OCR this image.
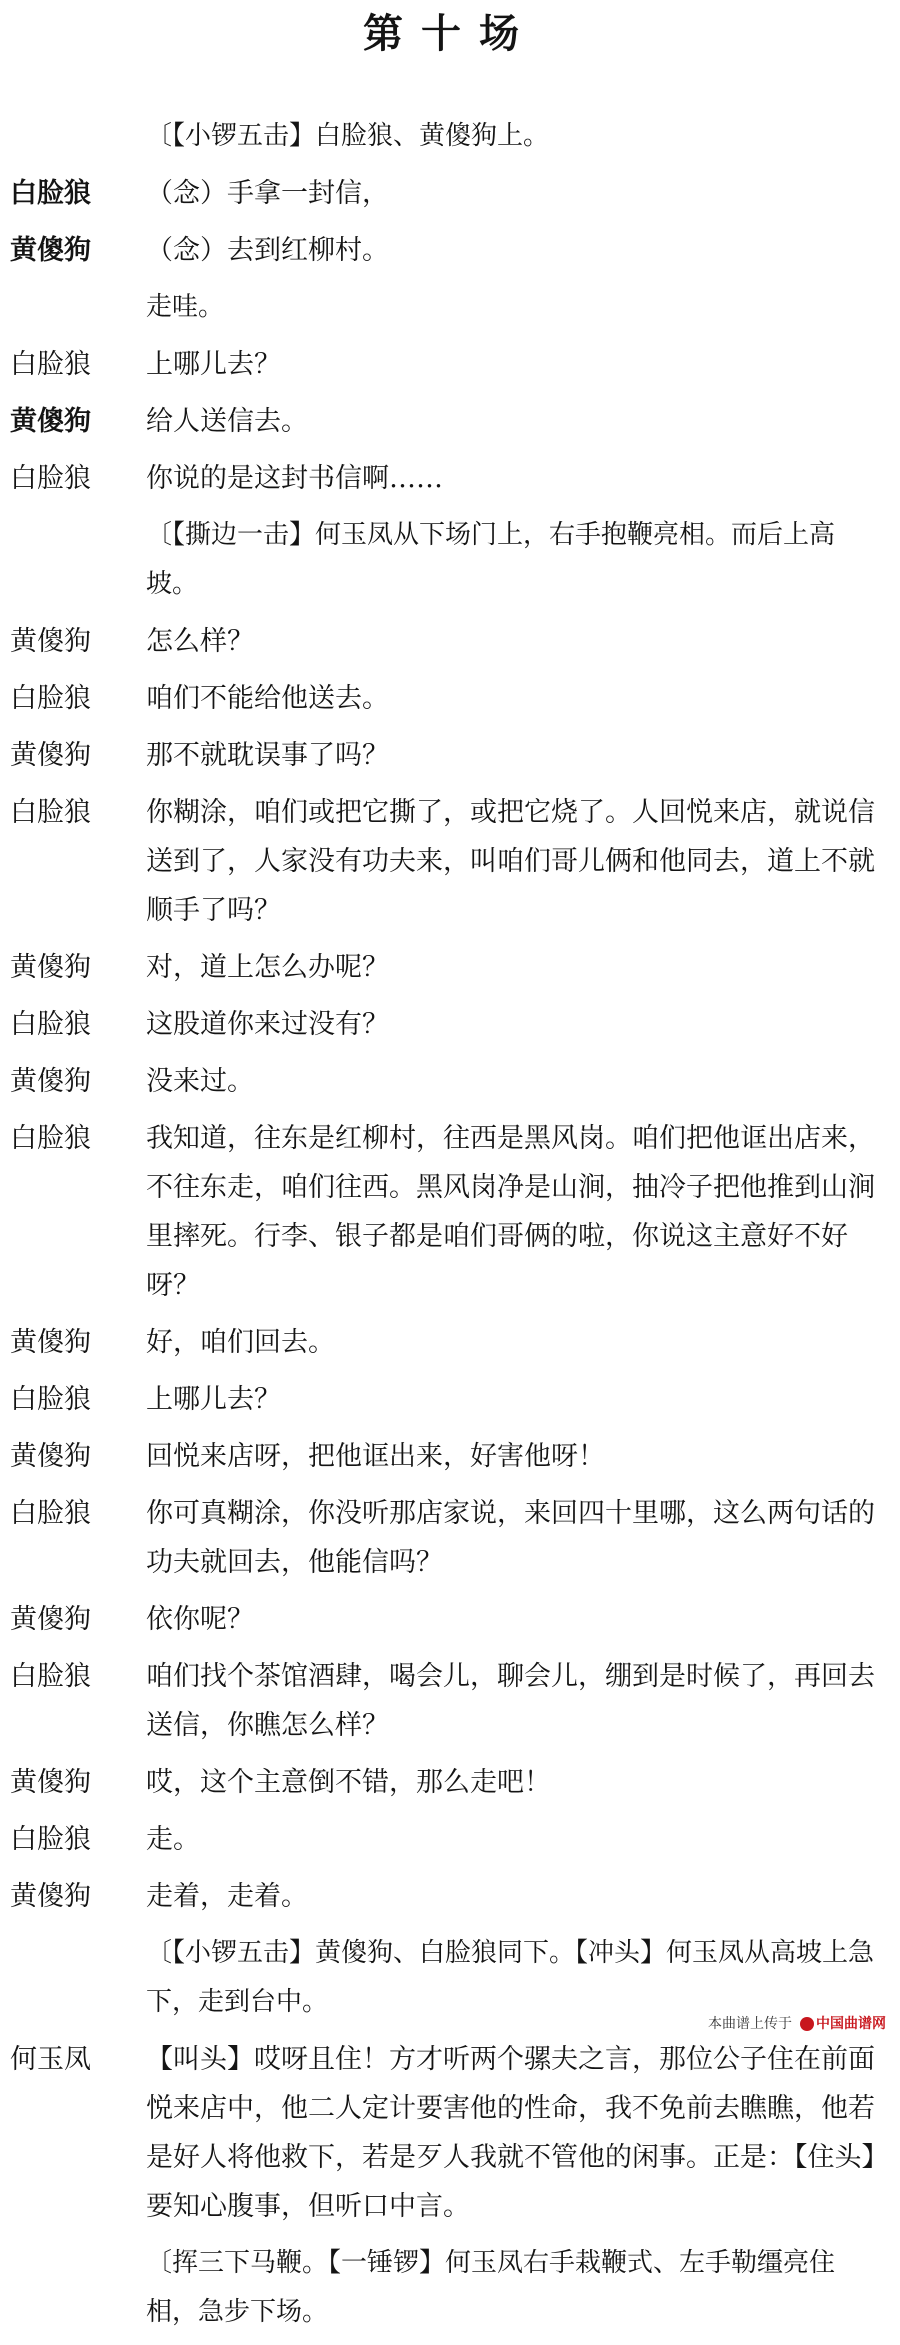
第十场
〔【小锣五击】白脸狼、黄傻狗上。
白脸狼	（念）手拿一封信，
黄傻狗	（念）去到红柳村。
走哇。
白脸狼	上哪儿去？
黄傻狗	给人送信去。
白脸狼	你说的是这封书信啊……
〔【撕边一击】何玉凤从下场门上，右手抱鞭亮相。而后上高坡。
黄傻狗	怎么样？
白脸狼	咱们不能给他送去。
黄傻狗	那不就耽误事了吗？
白脸狼	你糊涂，咱们或把它撕了，或把它烧了。人回悦来店，就说信送到了，人家没有功夫来，叫咱们哥儿俩和他同去，道上不就顺手了吗？
黄傻狗	对，道上怎么办呢？
白脸狼	这股道你来过没有？
黄傻狗	没来过。
白脸狼	我知道，往东是红柳村，往西是黑风岗。咱们把他诓出店来，不往东走，咱们往西。黑风岗净是山涧，抽冷子把他推到山涧里摔死。行李、银子都是咱们哥俩的啦，你说这主意好不好呀？
黄傻狗	好，咱们回去。
白脸狼	上哪儿去？
黄傻狗	回悦来店呀，把他诓出来，好害他呀！
白脸狼	你可真糊涂，你没听那店家说，来回四十里哪，这么两句话的功夫就回去，他能信吗？
黄傻狗	依你呢？
白脸狼	咱们找个茶馆酒肆，喝会儿，聊会儿，绷到是时候了，再回去送信，你瞧怎么样？
黄傻狗	哎，这个主意倒不错，那么走吧！
白脸狼	走。
黄傻狗	走着，走着。
〔【小锣五击】黄傻狗、白脸狼同下。【冲头】何玉凤从高坡上急下，走到台中。
何玉凤	【叫头】哎呀且住！方才听两个骡夫之言，那位公子住在前面悦来店中，他二人定计要害他的性命，我不免前去瞧瞧，他若是好人将他救下，若是歹人我就不管他的闲事。正是：【住头】要知心腹事，但听口中言。
〔挥三下马鞭。【一锤锣】何玉凤右手栽鞭式、左手勒缰亮住相，急步下场。
本曲谱上传于 中国曲谱网
